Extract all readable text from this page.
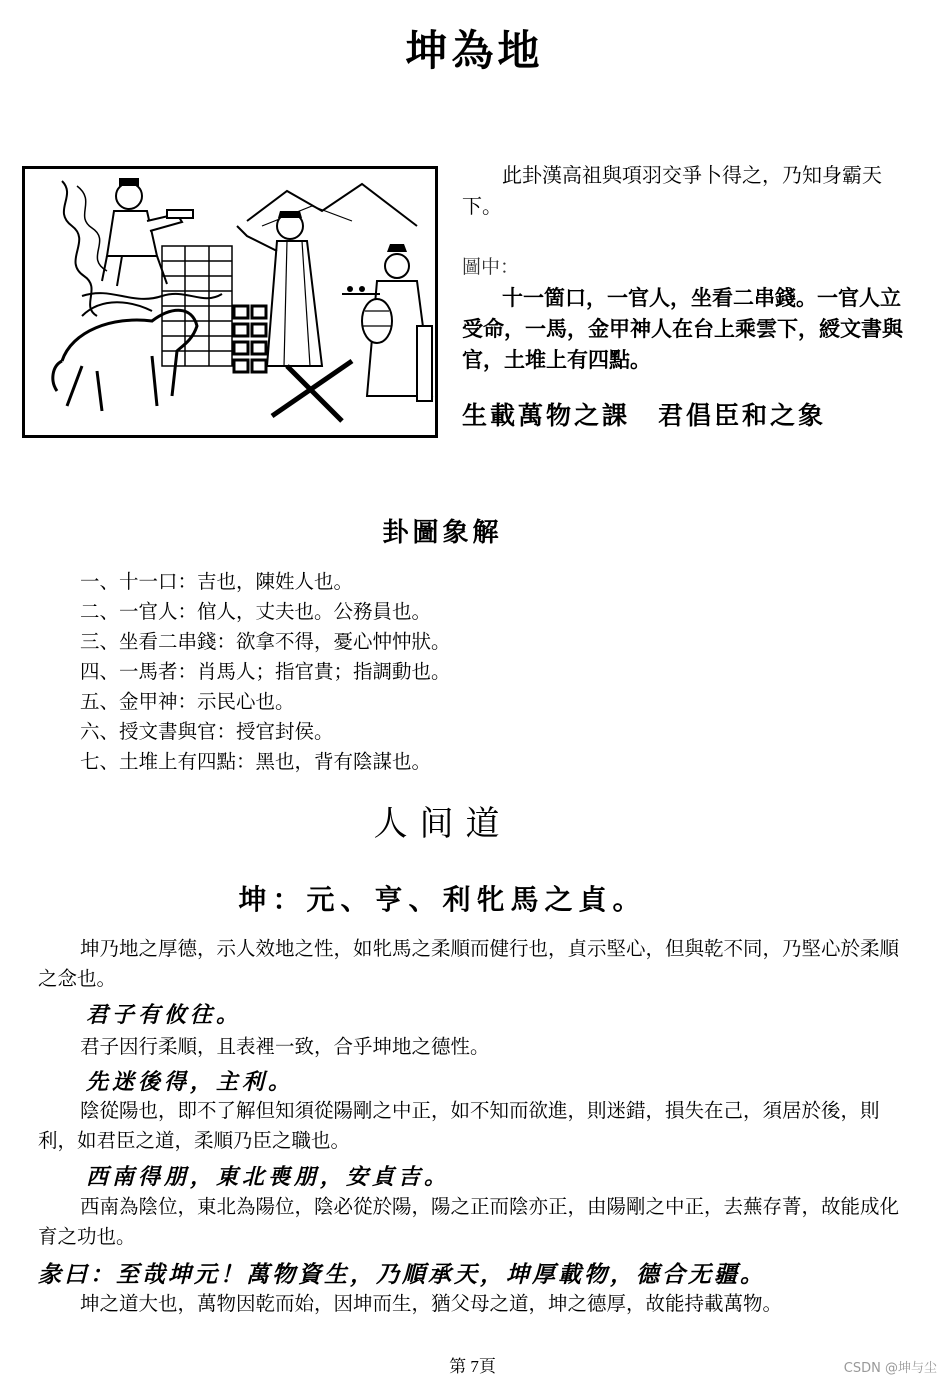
坤為地
此卦漢高祖與項羽交爭卜得之，乃知身霸天下。
圖中：
十一箇口，一官人，坐看二串錢。一官人立受命，一馬，金甲神人在台上乘雲下，綬文書與官，土堆上有四點。
生載萬物之課　君倡臣和之象
卦圖象解
一、十一口：吉也，陳姓人也。
二、一官人：倌人，丈夫也。公務員也。
三、坐看二串錢：欲拿不得，憂心忡忡狀。
四、一馬者：肖馬人；指官貴；指調動也。
五、金甲神：示民心也。
六、授文書與官：授官封侯。
七、土堆上有四點：黑也，背有陰謀也。
人间道
坤：元、亨、利牝馬之貞。
坤乃地之厚德，示人效地之性，如牝馬之柔順而健行也，貞示堅心，但與乾不同，乃堅心於柔順之念也。
君子有攸往。
君子因行柔順，且表裡一致，合乎坤地之德性。
先迷後得，主利。
陰從陽也，即不了解但知須從陽剛之中正，如不知而欲進，則迷錯，損失在己，須居於後，則利，如君臣之道，柔順乃臣之職也。
西南得朋，東北喪朋，安貞吉。
西南為陰位，東北為陽位，陰必從於陽，陽之正而陰亦正，由陽剛之中正，去蕪存菁，故能成化育之功也。
彖曰：至哉坤元！萬物資生，乃順承天，坤厚載物，德合无疆。
坤之道大也，萬物因乾而始，因坤而生，猶父母之道，坤之德厚，故能持載萬物。
第 7頁	CSDN @坤与尘
